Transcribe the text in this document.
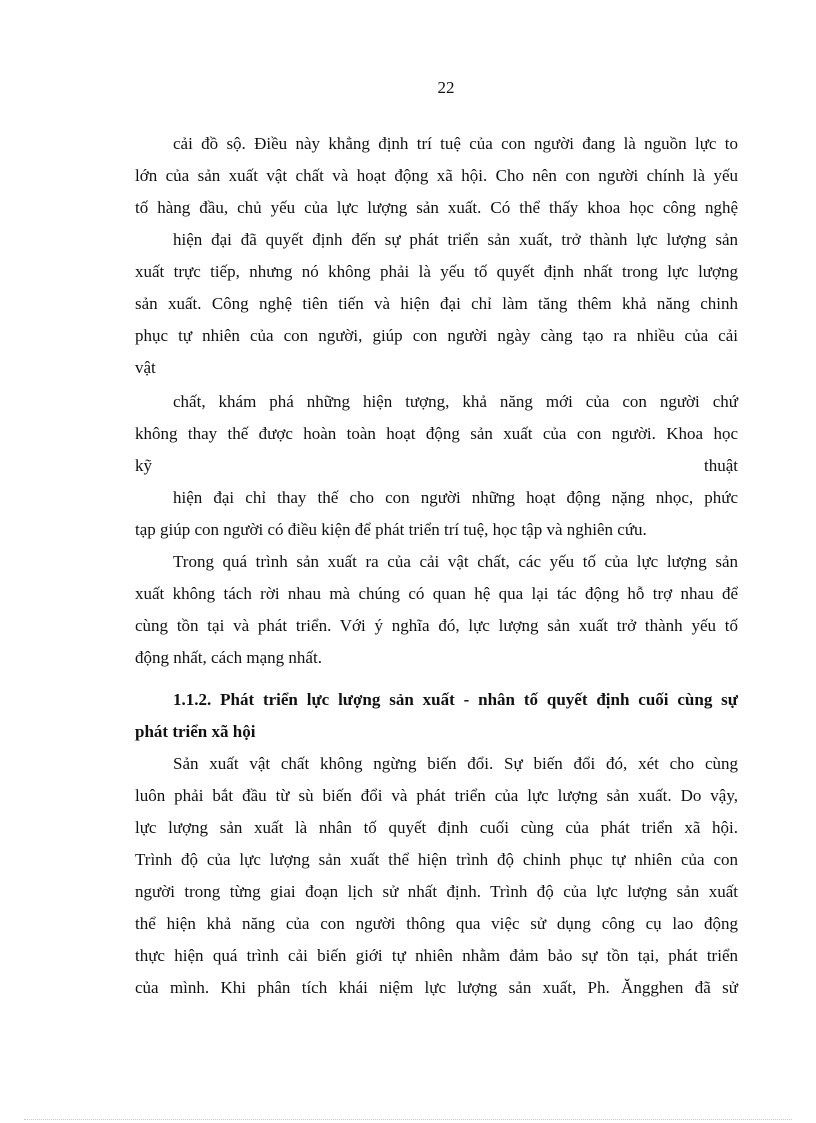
22
cải đồ sộ. Điều này khẳng định trí tuệ của con người đang là nguồn lực to
lớn của sản xuất vật chất và hoạt động xã hội. Cho nên con người chính là yếu
tố hàng đầu, chủ yếu của lực lượng sản xuất. Có thể thấy khoa học công nghệ
hiện đại đã quyết định đến sự phát triển sản xuất, trở thành lực lượng sản
xuất trực tiếp, nhưng nó không phải là yếu tố quyết định nhất trong lực lượng
sản xuất. Công nghệ tiên tiến và hiện đại chỉ làm tăng thêm khả năng chinh
phục tự nhiên của con người, giúp con người ngày càng tạo ra nhiều của cải
vật
chất, khám phá những hiện tượng, khả năng mới của con người chứ
không thay thế được hoàn toàn hoạt động sản xuất của con người. Khoa học
kỹ thuật
hiện đại chỉ thay thế cho con người những hoạt động nặng nhọc, phức
tạp giúp con người có điều kiện để phát triển trí tuệ, học tập và nghiên cứu.
Trong quá trình sản xuất ra của cải vật chất, các yếu tố của lực lượng sản
xuất không tách rời nhau mà chúng có quan hệ qua lại tác động hỗ trợ nhau để
cùng tồn tại và phát triển. Với ý nghĩa đó, lực lượng sản xuất trở thành yếu tố
động nhất, cách mạng nhất.
1.1.2. Phát triển lực lượng sản xuất - nhân tố quyết định cuối cùng sự
phát triển xã hội
Sản xuất vật chất không ngừng biến đổi. Sự biến đổi đó, xét cho cùng
luôn phải bắt đầu từ sù biến đổi và phát triển của lực lượng sản xuất. Do vậy,
lực lượng sản xuất là nhân tố quyết định cuối cùng của phát triển xã hội.
Trình độ của lực lượng sản xuất thể hiện trình độ chinh phục tự nhiên của con
người trong từng giai đoạn lịch sử nhất định. Trình độ của lực lượng sản xuất
thể hiện khả năng của con người thông qua việc sử dụng công cụ lao động
thực hiện quá trình cải biến giới tự nhiên nhằm đảm bảo sự tồn tại, phát triển
của mình. Khi phân tích khái niệm lực lượng sản xuất, Ph. Ăngghen đã sử
